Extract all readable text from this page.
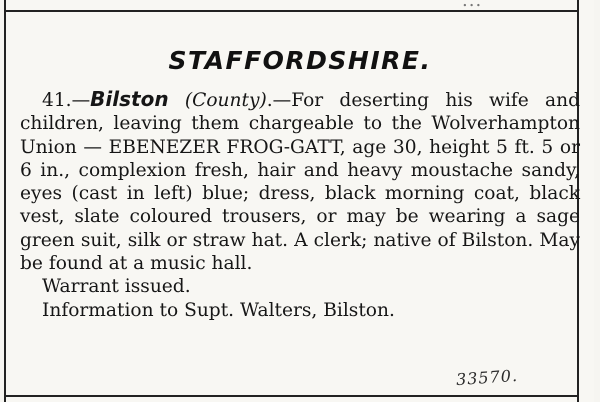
...
STAFFORDSHIRE.

41.—Bilston (County).—For deserting his wife and children, leaving them chargeable to the Wolverhampton Union — EBENEZER FROG-GATT, age 30, height 5 ft. 5 or 6 in., complexion fresh, hair and heavy moustache sandy, eyes (cast in left) blue; dress, black morning coat, black vest, slate coloured trousers, or may be wearing a sage green suit, silk or straw hat. A clerk; native of Bilston. May be found at a music hall.

Warrant issued.

Information to Supt. Walters, Bilston.

33570.
